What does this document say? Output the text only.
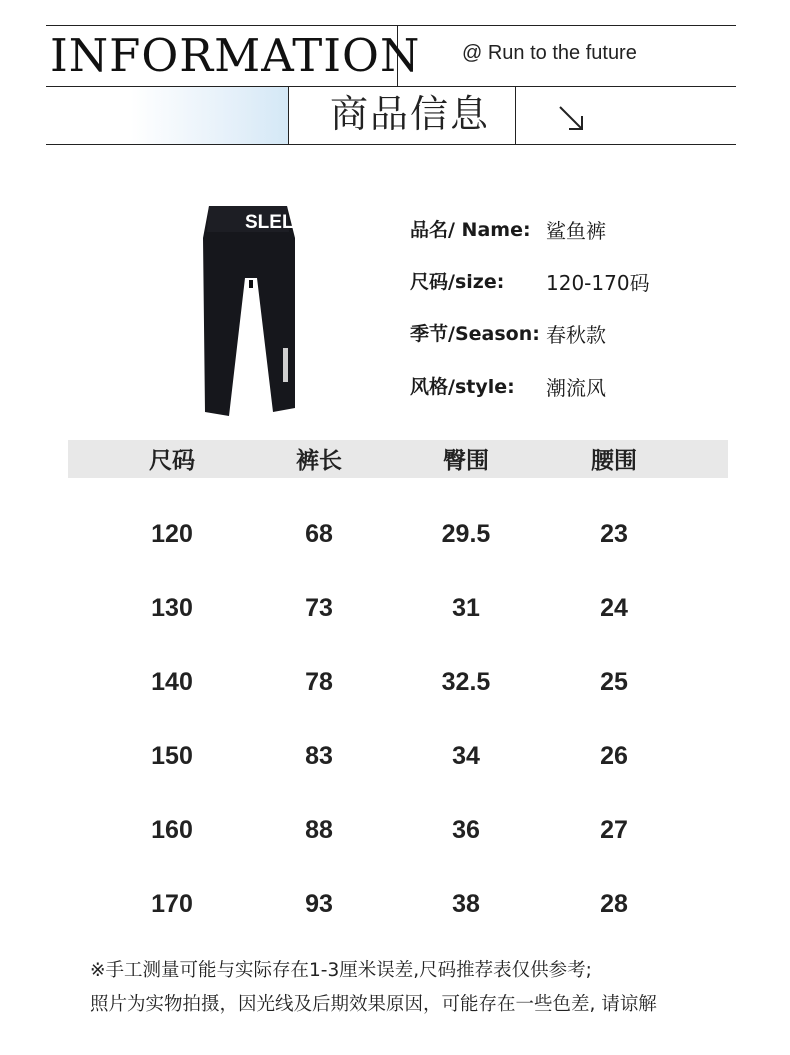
INFORMATION @ Run to the future
商品信息
SLEL	品名/ Name: 鲨鱼裤
尺码/size: 120-170码
季节/Season: 春秋款
风格/style: 潮流风
尺码	裤长	臀围	腰围
120	68	29.5	23
130	73	31	24
140	78	32.5	25
150	83	34	26
160	88	36	27
170	93	38	28
※手工测量可能与实际存在1-3厘米误差,尺码推荐表仅供参考;
照片为实物拍摄，因光线及后期效果原因，可能存在一些色差, 请谅解
